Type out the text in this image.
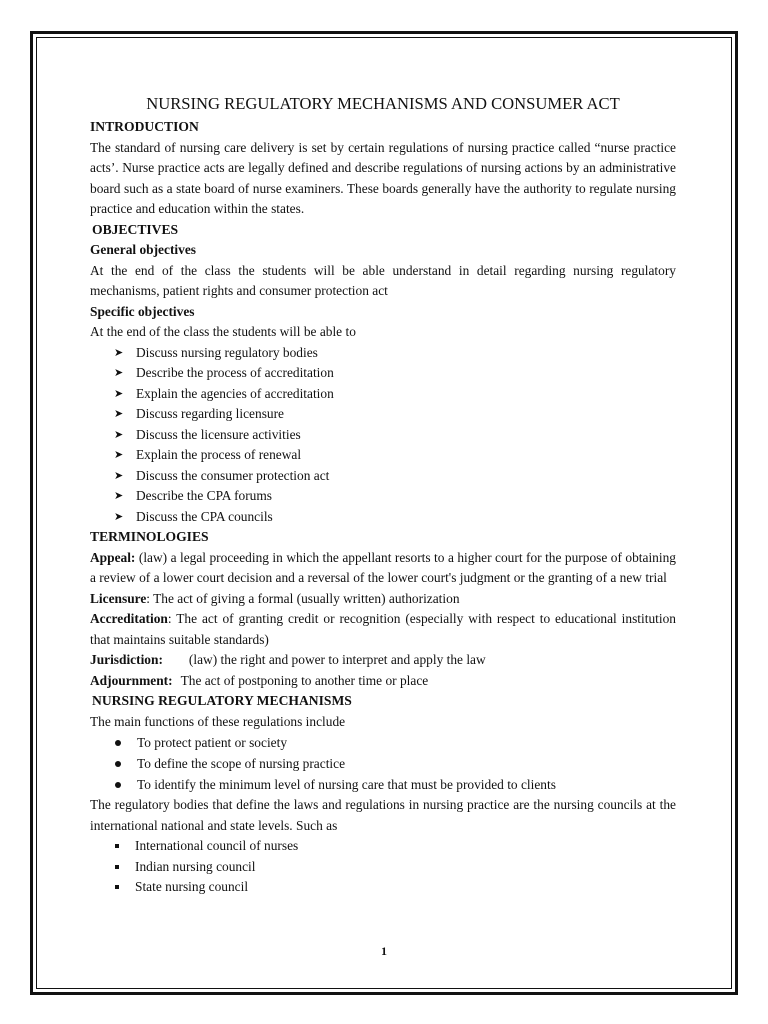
NURSING REGULATORY MECHANISMS AND CONSUMER ACT
INTRODUCTION

The standard of nursing care delivery is set by certain regulations of nursing practice called “nurse practice acts’. Nurse practice acts are legally defined and describe regulations of nursing actions by an administrative board such as a state board of nurse examiners. These boards generally have the authority to regulate nursing practice and education within the states.

OBJECTIVES
General objectives

At the end of the class the students will be able understand in detail regarding nursing regulatory mechanisms, patient rights and consumer protection act

Specific objectives

At the end of the class the students will be able to

➤ Discuss nursing regulatory bodies
➤ Describe the process of accreditation
➤ Explain the agencies of accreditation
➤ Discuss regarding licensure
➤ Discuss the licensure activities
➤ Explain the process of renewal
➤ Discuss the consumer protection act
➤ Describe the CPA forums
➤ Discuss the CPA councils
TERMINOLOGIES

Appeal: (law) a legal proceeding in which the appellant resorts to a higher court for the purpose of obtaining a review of a lower court decision and a reversal of the lower court's judgment or the granting of a new trial

Licensure: The act of giving a formal (usually written) authorization

Accreditation: The act of granting credit or recognition (especially with respect to educational institution that maintains suitable standards)

Jurisdiction: (law) the right and power to interpret and apply the law

Adjournment: The act of postponing to another time or place

NURSING REGULATORY MECHANISMS

The main functions of these regulations include

To protect patient or society
To define the scope of nursing practice
To identify the minimum level of nursing care that must be provided to clients

The regulatory bodies that define the laws and regulations in nursing practice are the nursing councils at the international national and state levels. Such as

International council of nurses
Indian nursing council
State nursing council
1
